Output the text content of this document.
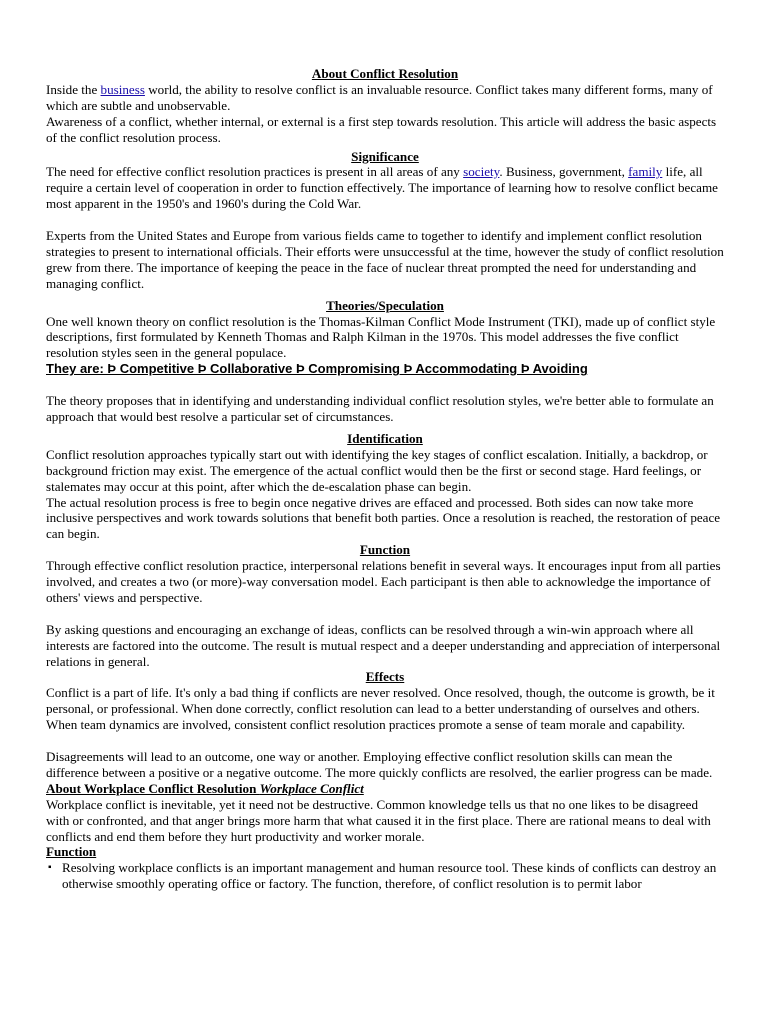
About Conflict Resolution

Inside the business world, the ability to resolve conflict is an invaluable resource. Conflict takes many different forms, many of which are subtle and unobservable.

Awareness of a conflict, whether internal, or external is a first step towards resolution. This article will address the basic aspects of the conflict resolution process.

Significance

The need for effective conflict resolution practices is present in all areas of any society. Business, government, family life, all require a certain level of cooperation in order to function effectively. The importance of learning how to resolve conflict became most apparent in the 1950's and 1960's during the Cold War.

Experts from the United States and Europe from various fields came to together to identify and implement conflict resolution strategies to present to international officials. Their efforts were unsuccessful at the time, however the study of conflict resolution grew from there. The importance of keeping the peace in the face of nuclear threat prompted the need for understanding and managing conflict.

Theories/Speculation

One well known theory on conflict resolution is the Thomas-Kilman Conflict Mode Instrument (TKI), made up of conflict style descriptions, first formulated by Kenneth Thomas and Ralph Kilman in the 1970s. This model addresses the five conflict resolution styles seen in the general populace.

They are: Þ Competitive Þ Collaborative Þ Compromising Þ Accommodating Þ Avoiding

The theory proposes that in identifying and understanding individual conflict resolution styles, we're better able to formulate an approach that would best resolve a particular set of circumstances.

Identification

Conflict resolution approaches typically start out with identifying the key stages of conflict escalation. Initially, a backdrop, or background friction may exist. The emergence of the actual conflict would then be the first or second stage. Hard feelings, or stalemates may occur at this point, after which the de-escalation phase can begin.

The actual resolution process is free to begin once negative drives are effaced and processed. Both sides can now take more inclusive perspectives and work towards solutions that benefit both parties. Once a resolution is reached, the restoration of peace can begin.

Function

Through effective conflict resolution practice, interpersonal relations benefit in several ways. It encourages input from all parties involved, and creates a two (or more)-way conversation model. Each participant is then able to acknowledge the importance of others' views and perspective.

By asking questions and encouraging an exchange of ideas, conflicts can be resolved through a win-win approach where all interests are factored into the outcome. The result is mutual respect and a deeper understanding and appreciation of interpersonal relations in general.

Effects

Conflict is a part of life. It's only a bad thing if conflicts are never resolved. Once resolved, though, the outcome is growth, be it personal, or professional. When done correctly, conflict resolution can lead to a better understanding of ourselves and others. When team dynamics are involved, consistent conflict resolution practices promote a sense of team morale and capability.

Disagreements will lead to an outcome, one way or another. Employing effective conflict resolution skills can mean the difference between a positive or a negative outcome. The more quickly conflicts are resolved, the earlier progress can be made.

About Workplace Conflict Resolution Workplace Conflict

Workplace conflict is inevitable, yet it need not be destructive. Common knowledge tells us that no one likes to be disagreed with or confronted, and that anger brings more harm that what caused it in the first place. There are rational means to deal with conflicts and end them before they hurt productivity and worker morale.

Function
▪ Resolving workplace conflicts is an important management and human resource tool. These kinds of conflicts can destroy an otherwise smoothly operating office or factory. The function, therefore, of conflict resolution is to permit labor
